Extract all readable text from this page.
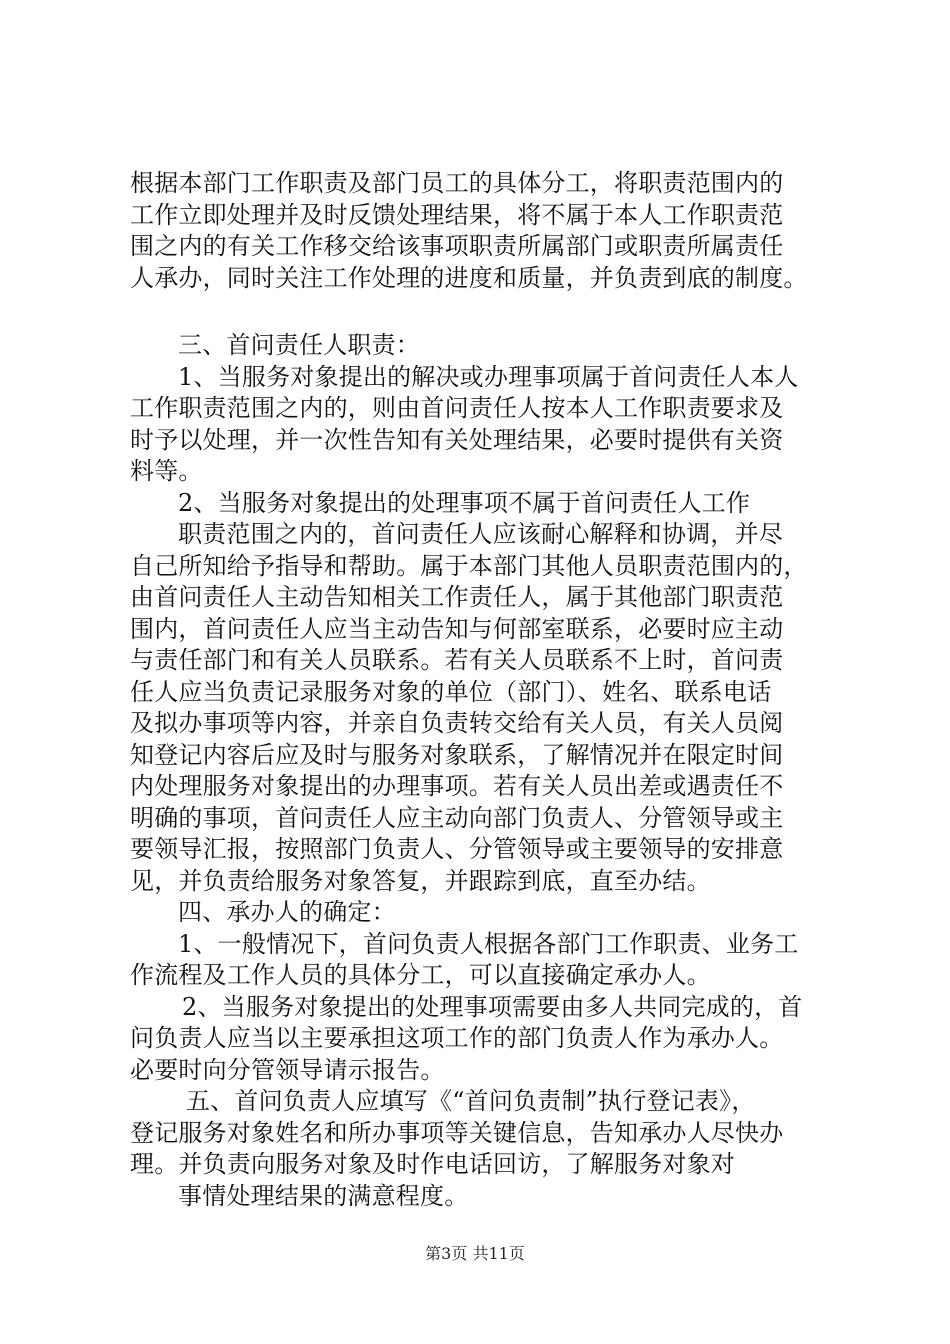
根据本部门工作职责及部门员工的具体分工，将职责范围内的
工作立即处理并及时反馈处理结果，将不属于本人工作职责范
围之内的有关工作移交给该事项职责所属部门或职责所属责任
人承办，同时关注工作处理的进度和质量，并负责到底的制度。
三、首问责任人职责：
1、当服务对象提出的解决或办理事项属于首问责任人本人
工作职责范围之内的，则由首问责任人按本人工作职责要求及
时予以处理，并一次性告知有关处理结果，必要时提供有关资
料等。
2、当服务对象提出的处理事项不属于首问责任人工作
职责范围之内的，首问责任人应该耐心解释和协调，并尽
自己所知给予指导和帮助。属于本部门其他人员职责范围内的，
由首问责任人主动告知相关工作责任人，属于其他部门职责范
围内，首问责任人应当主动告知与何部室联系，必要时应主动
与责任部门和有关人员联系。若有关人员联系不上时，首问责
任人应当负责记录服务对象的单位（部门）、姓名、联系电话
及拟办事项等内容，并亲自负责转交给有关人员，有关人员阅
知登记内容后应及时与服务对象联系，了解情况并在限定时间
内处理服务对象提出的办理事项。若有关人员出差或遇责任不
明确的事项，首问责任人应主动向部门负责人、分管领导或主
要领导汇报，按照部门负责人、分管领导或主要领导的安排意
见，并负责给服务对象答复，并跟踪到底，直至办结。
四、承办人的确定：
1、一般情况下，首问负责人根据各部门工作职责、业务工
作流程及工作人员的具体分工，可以直接确定承办人。
2、当服务对象提出的处理事项需要由多人共同完成的，首
问负责人应当以主要承担这项工作的部门负责人作为承办人。
必要时向分管领导请示报告。
五、首问负责人应填写《“首问负责制”执行登记表》，
登记服务对象姓名和所办事项等关键信息，告知承办人尽快办
理。并负责向服务对象及时作电话回访，了解服务对象对
事情处理结果的满意程度。
第3页 共11页
